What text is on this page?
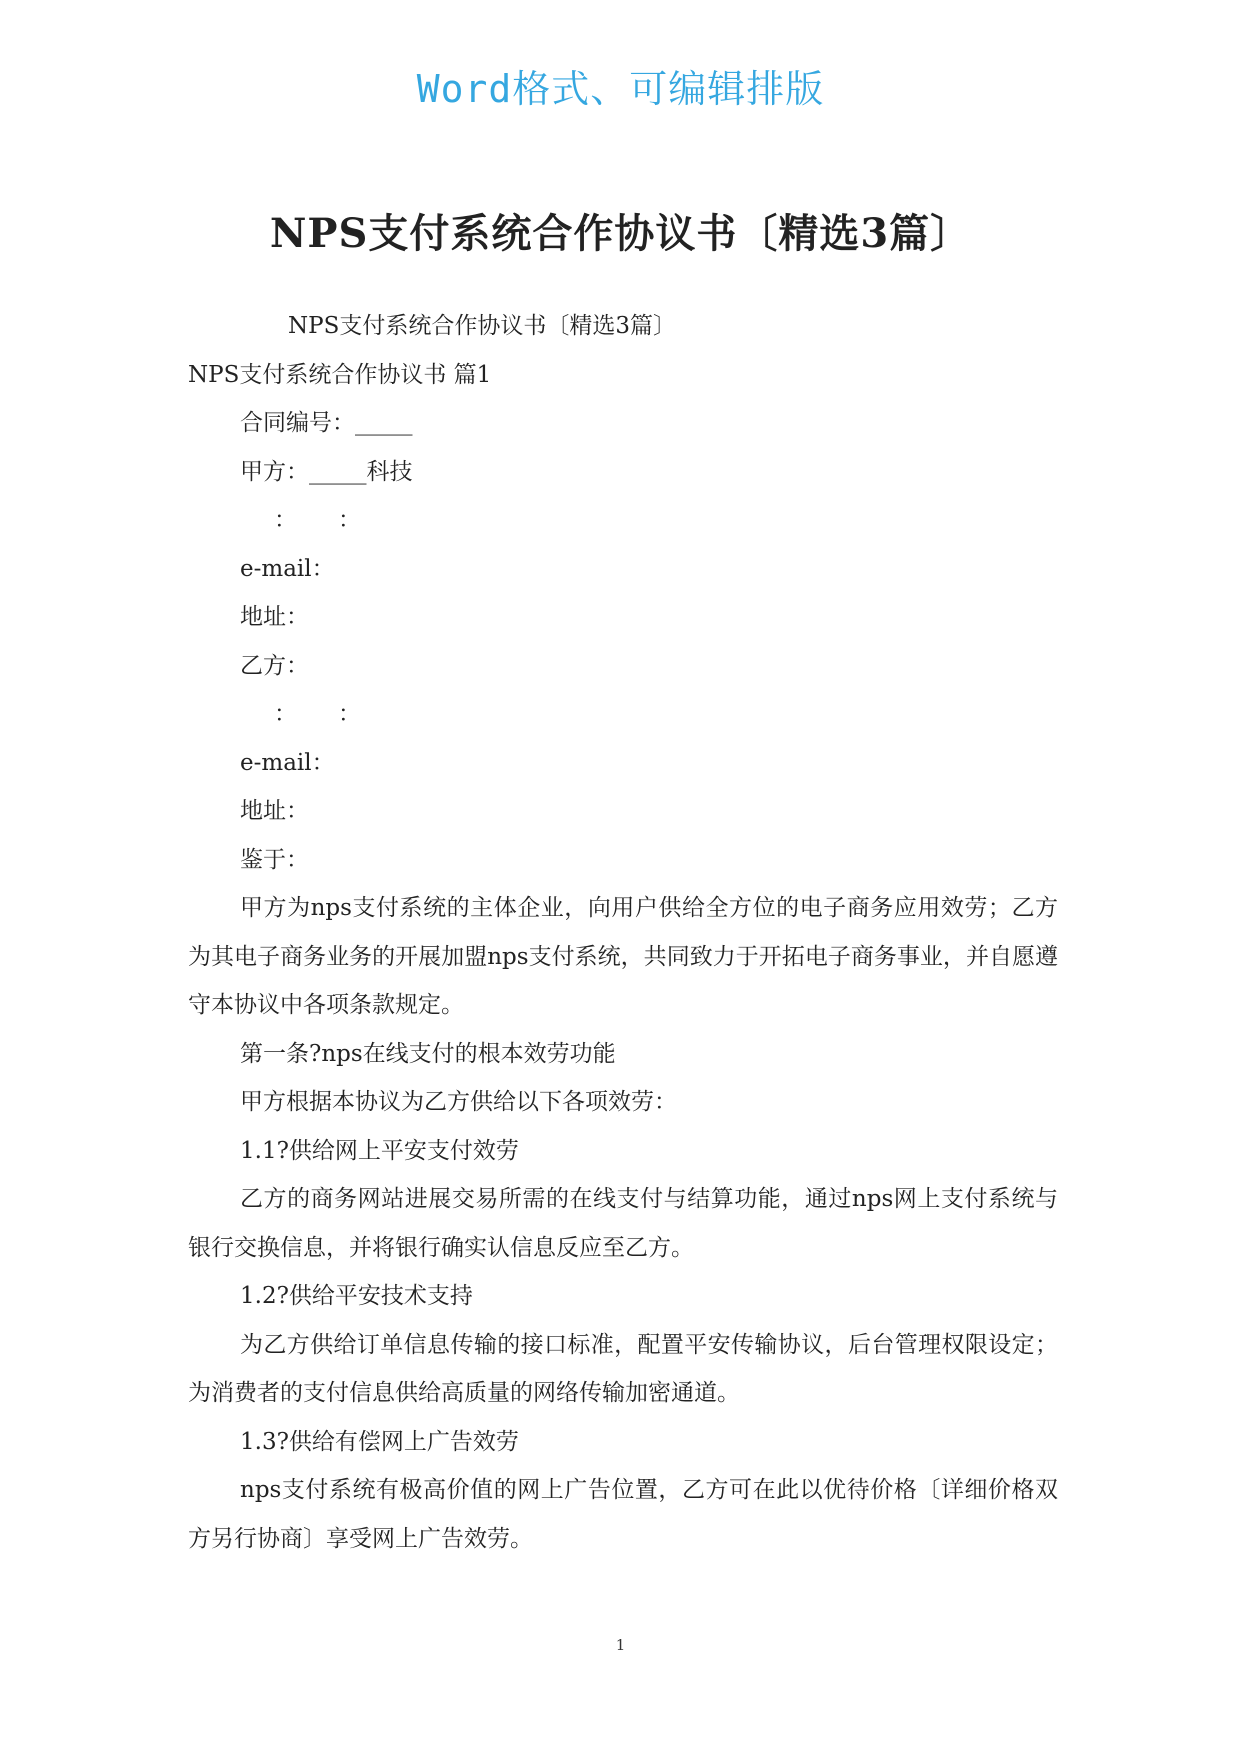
Word格式、可编辑排版
NPS支付系统合作协议书〔精选3篇〕
NPS支付系统合作协议书〔精选3篇〕
NPS支付系统合作协议书 篇1
合同编号：_____
甲方：_____科技
： ：
e-mail：
地址：
乙方：
： ：
e-mail：
地址：
鉴于：
甲方为nps支付系统的主体企业，向用户供给全方位的电子商务应用效劳；乙方为其电子商务业务的开展加盟nps支付系统，共同致力于开拓电子商务事业，并自愿遵守本协议中各项条款规定。
第一条?nps在线支付的根本效劳功能
甲方根据本协议为乙方供给以下各项效劳：
1.1?供给网上平安支付效劳
乙方的商务网站进展交易所需的在线支付与结算功能，通过nps网上支付系统与银行交换信息，并将银行确实认信息反应至乙方。
1.2?供给平安技术支持
为乙方供给订单信息传输的接口标准，配置平安传输协议，后台管理权限设定；为消费者的支付信息供给高质量的网络传输加密通道。
1.3?供给有偿网上广告效劳
nps支付系统有极高价值的网上广告位置，乙方可在此以优待价格〔详细价格双方另行协商〕享受网上广告效劳。
1
